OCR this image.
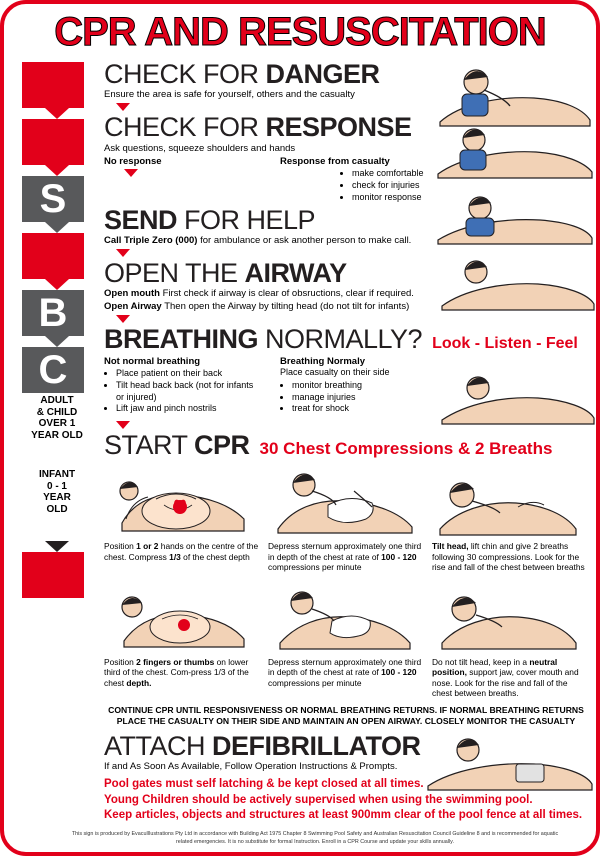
CPR AND RESUSCITATION
D
R
S
A
B
C
ADULT
& CHILD
OVER 1
YEAR OLD
INFANT
0 - 1
YEAR
OLD
D
CHECK FOR DANGER
Ensure the area is safe for yourself, others and the casualty
CHECK FOR RESPONSE
Ask questions, squeeze shoulders and hands
No response	Response from casualty
• make comfortable
• check for injuries
• monitor response
SEND FOR HELP
Call Triple Zero (000) for ambulance or ask another person to make call.
OPEN THE AIRWAY
Open mouth First check if airway is clear of obsructions, clear if required.
Open Airway Then open the Airway by tilting head (do not tilt for infants)
BREATHING NORMALLY? Look - Listen - Feel
Not normal breathing
• Place patient on their back
• Tilt head back back (not for infants or injured)
• Lift jaw and pinch nostrils
Breathing Normaly
Place casualty on their side
• monitor breathing
• manage injuries
• treat for shock
START CPR 30 Chest Compressions & 2 Breaths
Position 1 or 2 hands on the centre of the chest. Compress 1/3 of the chest depth
Depress sternum approximately one third in depth of the chest at rate of 100 - 120 compressions per minute
Tilt head, lift chin and give 2 breaths following 30 compressions. Look for the rise and fall of the chest between breaths
Position 2 fingers or thumbs on lower third of the chest. Com-press 1/3 of the chest depth.
Depress sternum approximately one third in depth of the chest at rate of 100 - 120 compressions per minute
Do not tilt head, keep in a neutral position, support jaw, cover mouth and nose. Look for the rise and fall of the chest between breaths.
CONTINUE CPR UNTIL RESPONSIVENESS OR NORMAL BREATHING RETURNS. IF NORMAL BREATHING RETURNS
PLACE THE CASUALTY ON THEIR SIDE AND MAINTAIN AN OPEN AIRWAY. CLOSELY MONITOR THE CASUALTY
ATTACH DEFIBRILLATOR
If and As Soon As Available, Follow Operation Instructions & Prompts.
Pool gates must self latching & be kept closed at all times.
Young Children should be actively supervised when using the swimming pool.
Keep articles, objects and structures at least 900mm clear of the pool fence at all times.
This sign is produced by EvacuIllustrations Pty Ltd in accordance with Building Act 1975 Chapter 8 Swimming Pool Safety and Australian Resuscitation Council Guideline 8 and is recommended for aquatic related emergencies. It is no substitute for formal Instruction. Enroll in a CPR Course and update your skills annually.
